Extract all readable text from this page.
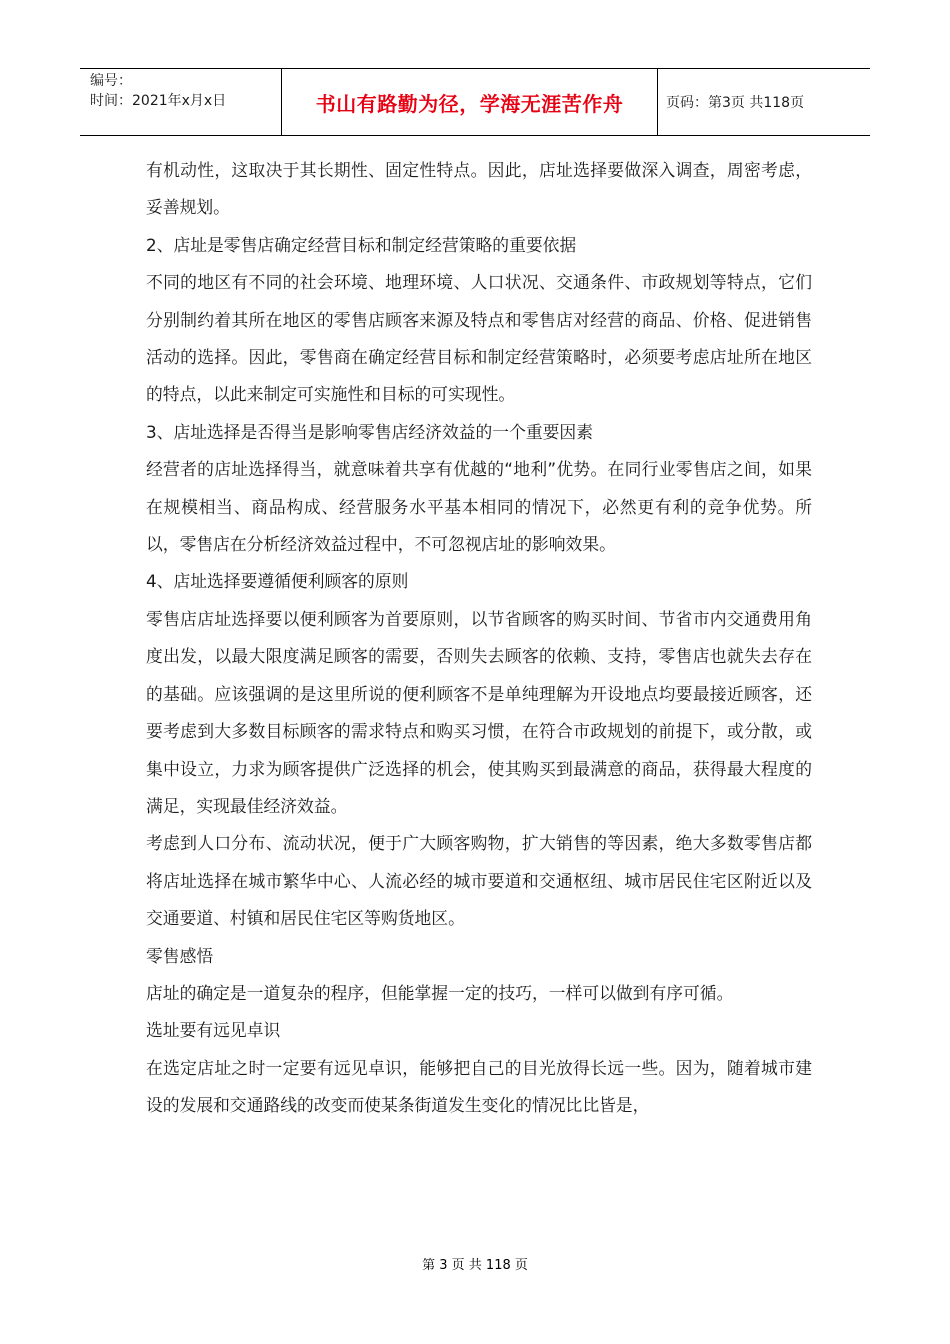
编号：
时间：2021年x月x日	书山有路勤为径，学海无涯苦作舟	页码：第3页 共118页

有机动性，这取决于其长期性、固定性特点。因此，店址选择要做深入调查，周密考虑，妥善规划。

2、店址是零售店确定经营目标和制定经营策略的重要依据

不同的地区有不同的社会环境、地理环境、人口状况、交通条件、市政规划等特点，它们分别制约着其所在地区的零售店顾客来源及特点和零售店对经营的商品、价格、促进销售活动的选择。因此，零售商在确定经营目标和制定经营策略时，必须要考虑店址所在地区的特点，以此来制定可实施性和目标的可实现性。

3、店址选择是否得当是影响零售店经济效益的一个重要因素

经营者的店址选择得当，就意味着共享有优越的“地利”优势。在同行业零售店之间，如果在规模相当、商品构成、经营服务水平基本相同的情况下，必然更有利的竞争优势。所以，零售店在分析经济效益过程中，不可忽视店址的影响效果。

4、店址选择要遵循便利顾客的原则

零售店店址选择要以便利顾客为首要原则，以节省顾客的购买时间、节省市内交通费用角度出发，以最大限度满足顾客的需要，否则失去顾客的依赖、支持，零售店也就失去存在的基础。应该强调的是这里所说的便利顾客不是单纯理解为开设地点均要最接近顾客，还要考虑到大多数目标顾客的需求特点和购买习惯，在符合市政规划的前提下，或分散，或集中设立，力求为顾客提供广泛选择的机会，使其购买到最满意的商品，获得最大程度的满足，实现最佳经济效益。

考虑到人口分布、流动状况，便于广大顾客购物，扩大销售的等因素，绝大多数零售店都将店址选择在城市繁华中心、人流必经的城市要道和交通枢纽、城市居民住宅区附近以及交通要道、村镇和居民住宅区等购货地区。

零售感悟

店址的确定是一道复杂的程序，但能掌握一定的技巧，一样可以做到有序可循。

选址要有远见卓识

在选定店址之时一定要有远见卓识，能够把自己的目光放得长远一些。因为，随着城市建设的发展和交通路线的改变而使某条街道发生变化的情况比比皆是，

第 3 页 共 118 页
